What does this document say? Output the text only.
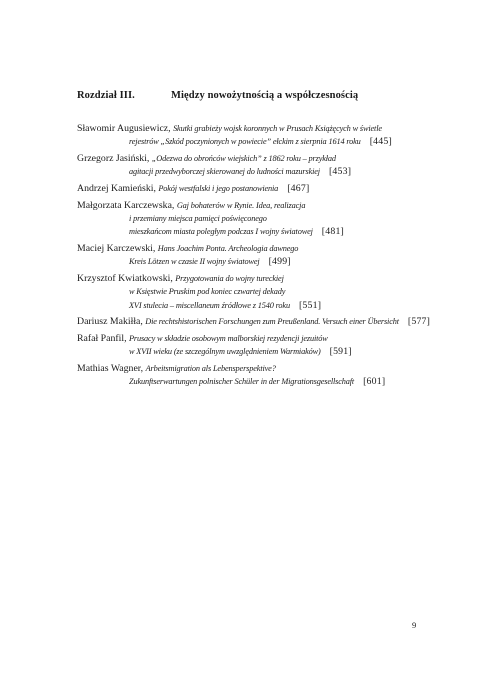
Rozdział III.	Między nowożytnością a współczesnością
Sławomir Augusiewicz, Skutki grabieży wojsk koronnych w Prusach Książęcych w świetle
rejestrów „Szkód poczynionych w powiecie” ełckim z sierpnia 1614 roku [445]
Grzegorz Jasiński, „Odezwa do obrońców wiejskich” z 1862 roku – przykład
agitacji przedwyborczej skierowanej do ludności mazurskiej [453]
Andrzej Kamieński, Pokój westfalski i jego postanowienia [467]
Małgorzata Karczewska, Gaj bohaterów w Rynie. Idea, realizacja
i przemiany miejsca pamięci poświęconego
mieszkańcom miasta poległym podczas I wojny światowej [481]
Maciej Karczewski, Hans Joachim Ponta. Archeologia dawnego
Kreis Lötzen w czasie II wojny światowej [499]
Krzysztof Kwiatkowski, Przygotowania do wojny tureckiej
w Księstwie Pruskim pod koniec czwartej dekady
XVI stulecia – miscellaneum źródłowe z 1540 roku [551]
Dariusz Makiłła, Die rechtshistorischen Forschungen zum Preußenland. Versuch einer Übersicht [577]
Rafał Panfil, Prusacy w składzie osobowym malborskiej rezydencji jezuitów
w XVII wieku (ze szczególnym uwzględnieniem Warmiaków) [591]
Mathias Wagner, Arbeitsmigration als Lebensperspektive?
Zukunftserwartungen polnischer Schüler in der Migrationsgesellschaft [601]
9
